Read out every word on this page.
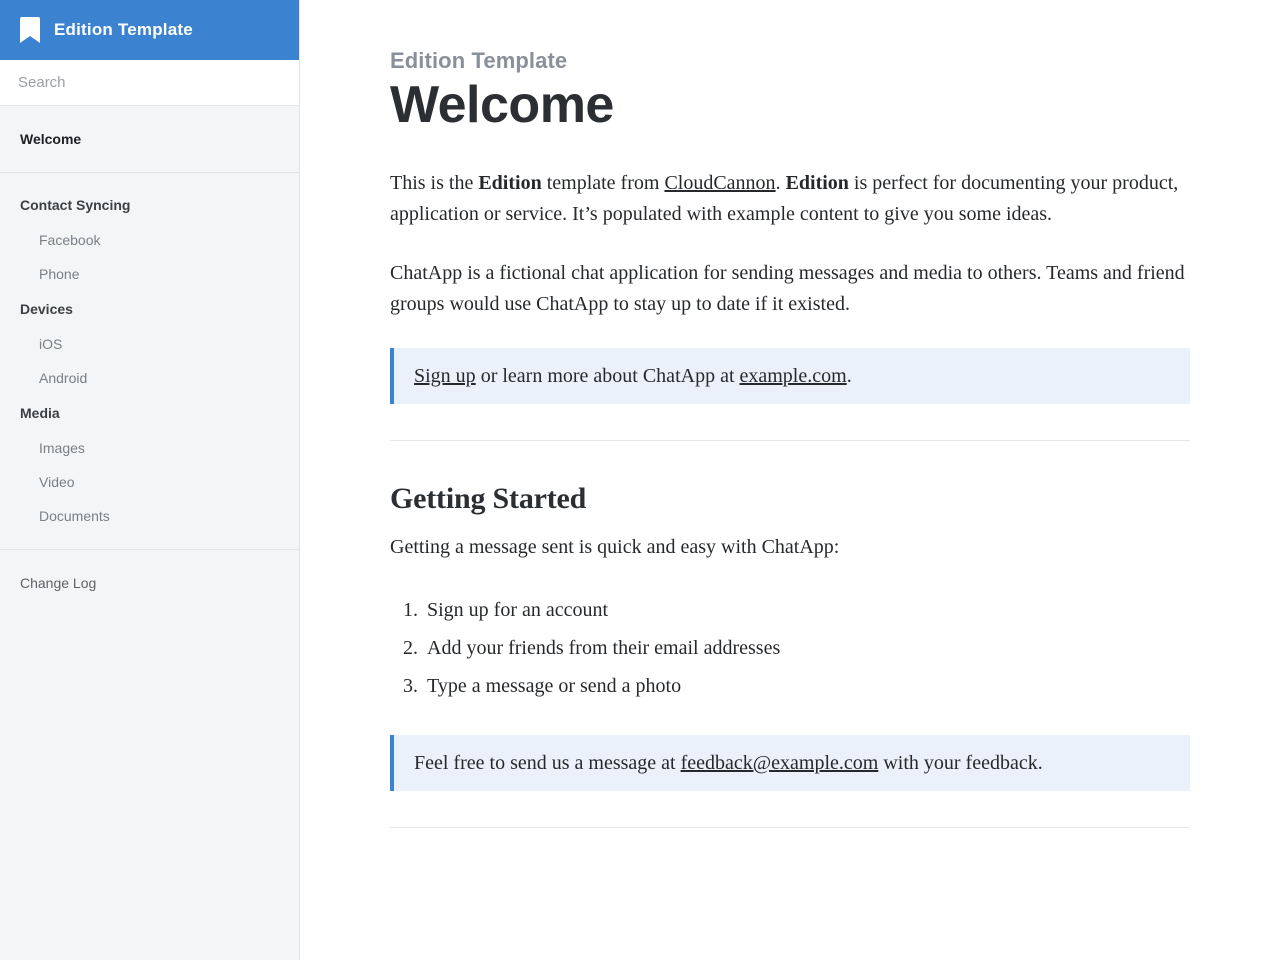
Edition Template
Search
Welcome
Contact Syncing
Facebook
Phone
Devices
iOS
Android
Media
Images
Video
Documents
Change Log

Edition Template

Welcome

This is the Edition template from CloudCannon. Edition is perfect for documenting your product, application or service. It’s populated with example content to give you some ideas.

ChatApp is a fictional chat application for sending messages and media to others. Teams and friend groups would use ChatApp to stay up to date if it existed.

Sign up or learn more about ChatApp at example.com.
Getting Started

Getting a message sent is quick and easy with ChatApp:

1. Sign up for an account
2. Add your friends from their email addresses
3. Type a message or send a photo
Feel free to send us a message at feedback@example.com with your feedback.
